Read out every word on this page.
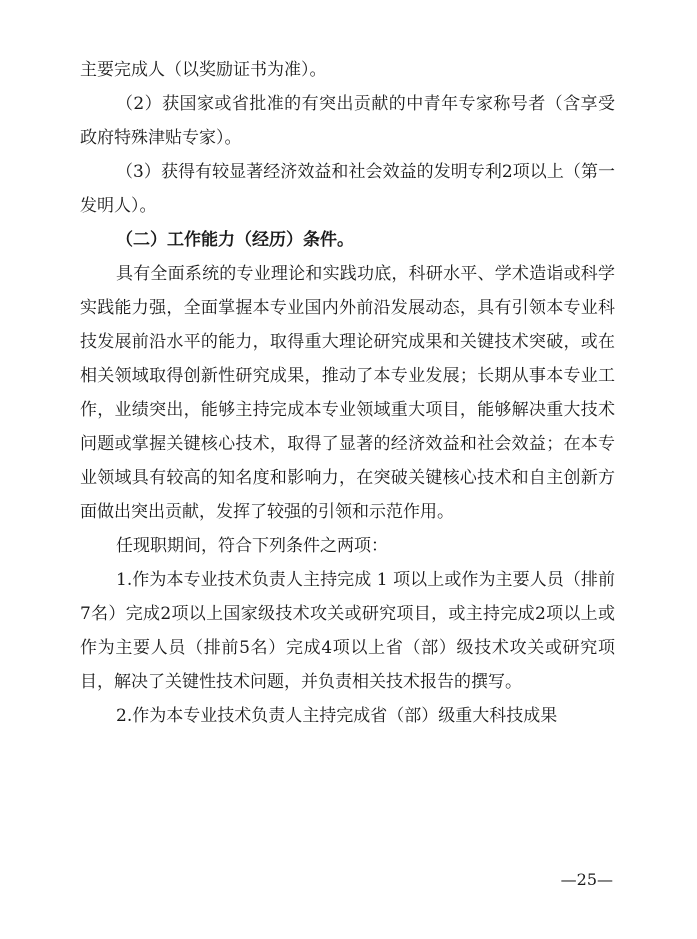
主要完成人（以奖励证书为准）。

（2）获国家或省批准的有突出贡献的中青年专家称号者（含享受政府特殊津贴专家）。

（3）获得有较显著经济效益和社会效益的发明专利2项以上（第一发明人）。

（二）工作能力（经历）条件。

具有全面系统的专业理论和实践功底，科研水平、学术造诣或科学实践能力强，全面掌握本专业国内外前沿发展动态，具有引领本专业科技发展前沿水平的能力，取得重大理论研究成果和关键技术突破，或在相关领域取得创新性研究成果，推动了本专业发展；长期从事本专业工作，业绩突出，能够主持完成本专业领域重大项目，能够解决重大技术问题或掌握关键核心技术，取得了显著的经济效益和社会效益；在本专业领域具有较高的知名度和影响力，在突破关键核心技术和自主创新方面做出突出贡献，发挥了较强的引领和示范作用。

任现职期间，符合下列条件之两项：

1.作为本专业技术负责人主持完成 1 项以上或作为主要人员（排前7名）完成2项以上国家级技术攻关或研究项目，或主持完成2项以上或作为主要人员（排前5名）完成4项以上省（部）级技术攻关或研究项目，解决了关键性技术问题，并负责相关技术报告的撰写。

2.作为本专业技术负责人主持完成省（部）级重大科技成果

—25—
